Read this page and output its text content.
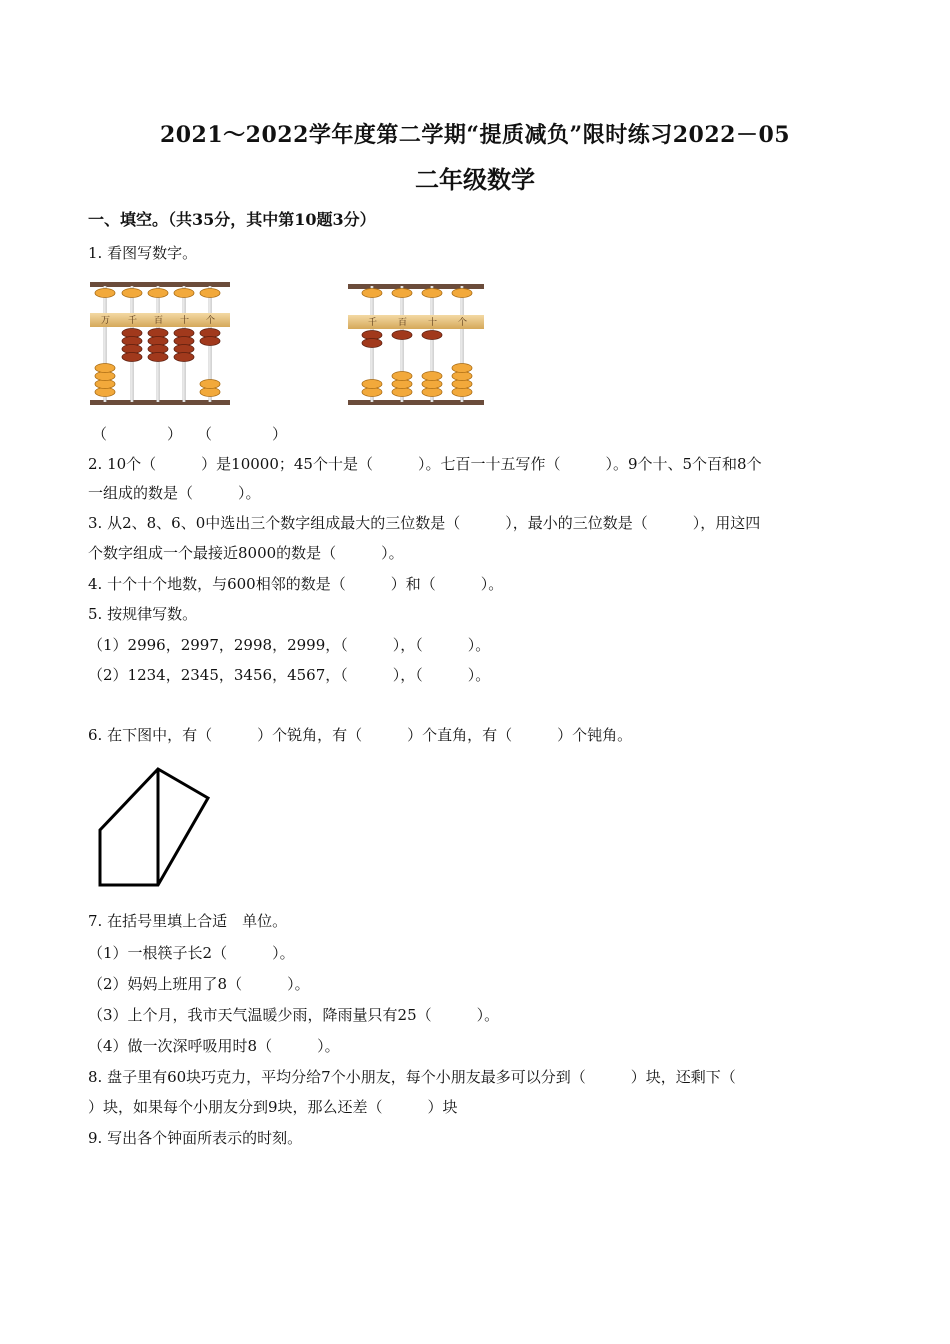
2021～2022学年度第二学期“提质减负”限时练习2022－05
二年级数学
一、填空。（共35分，其中第10题3分）
1. 看图写数字。
万 千 百 十 个	千 百 十 个
（　　　　）　　（　　　　）
2. 10个（　　　）是10000；45个十是（　　　）。七百一十五写作（　　　）。9个十、5个百和8个
一组成的数是（　　　）。
3. 从2、8、6、0中选出三个数字组成最大的三位数是（　　　），最小的三位数是（　　　），用这四
个数字组成一个最接近8000的数是（　　　）。
4. 十个十个地数，与600相邻的数是（　　　）和（　　　）。
5. 按规律写数。
（1）2996，2997，2998，2999，（　　　），（　　　）。
（2）1234，2345，3456，4567，（　　　），（　　　）。
6. 在下图中，有（　　　）个锐角，有（　　　）个直角，有（　　　）个钝角。
7. 在括号里填上合适　单位。
（1）一根筷子长2（　　　）。
（2）妈妈上班用了8（　　　）。
（3）上个月，我市天气温暖少雨，降雨量只有25（　　　）。
（4）做一次深呼吸用时8（　　　）。
8. 盘子里有60块巧克力，平均分给7个小朋友，每个小朋友最多可以分到（　　　）块，还剩下（
）块，如果每个小朋友分到9块，那么还差（　　　）块
9. 写出各个钟面所表示的时刻。
